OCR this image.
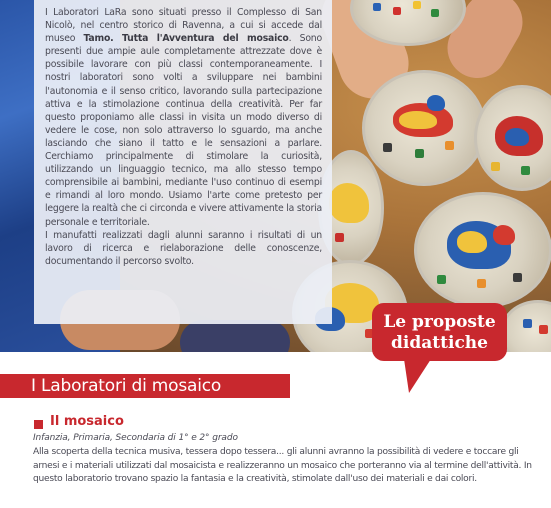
I Laboratori LaRa sono situati presso il Complesso di San Nicolò, nel centro storico di Ravenna, a cui si accede dal museo Tamo. Tutta l'Avventura del mosaico. Sono presenti due ampie aule completamente attrezzate dove è possibile lavorare con più classi contemporaneamente. I nostri laboratori sono volti a sviluppare nei bambini l'autonomia e il senso critico, lavorando sulla partecipazione attiva e la stimolazione continua della creatività. Per far questo proponiamo alle classi in visita un modo diverso di vedere le cose, non solo attraverso lo sguardo, ma anche lasciando che siano il tatto e le sensazioni a parlare. Cerchiamo principalmente di stimolare la curiosità, utilizzando un linguaggio tecnico, ma allo stesso tempo comprensibile ai bambini, mediante l'uso continuo di esempi e rimandi al loro mondo. Usiamo l'arte come pretesto per leggere la realtà che ci circonda e vivere attivamente la storia personale e territoriale.

I manufatti realizzati dagli alunni saranno i risultati di un lavoro di ricerca e rielaborazione delle conoscenze, documentando il percorso svolto.

Le proposte
didattiche
I Laboratori di mosaico
Il mosaico
Infanzia, Primaria, Secondaria di 1° e 2° grado

Alla scoperta della tecnica musiva, tessera dopo tessera... gli alunni avranno la possibilità di vedere e toccare gli arnesi e i materiali utilizzati dal mosaicista e realizzeranno un mosaico che porteranno via al termine dell'attività. In questo laboratorio trovano spazio la fantasia e la creatività, stimolate dall'uso dei materiali e dai colori.
